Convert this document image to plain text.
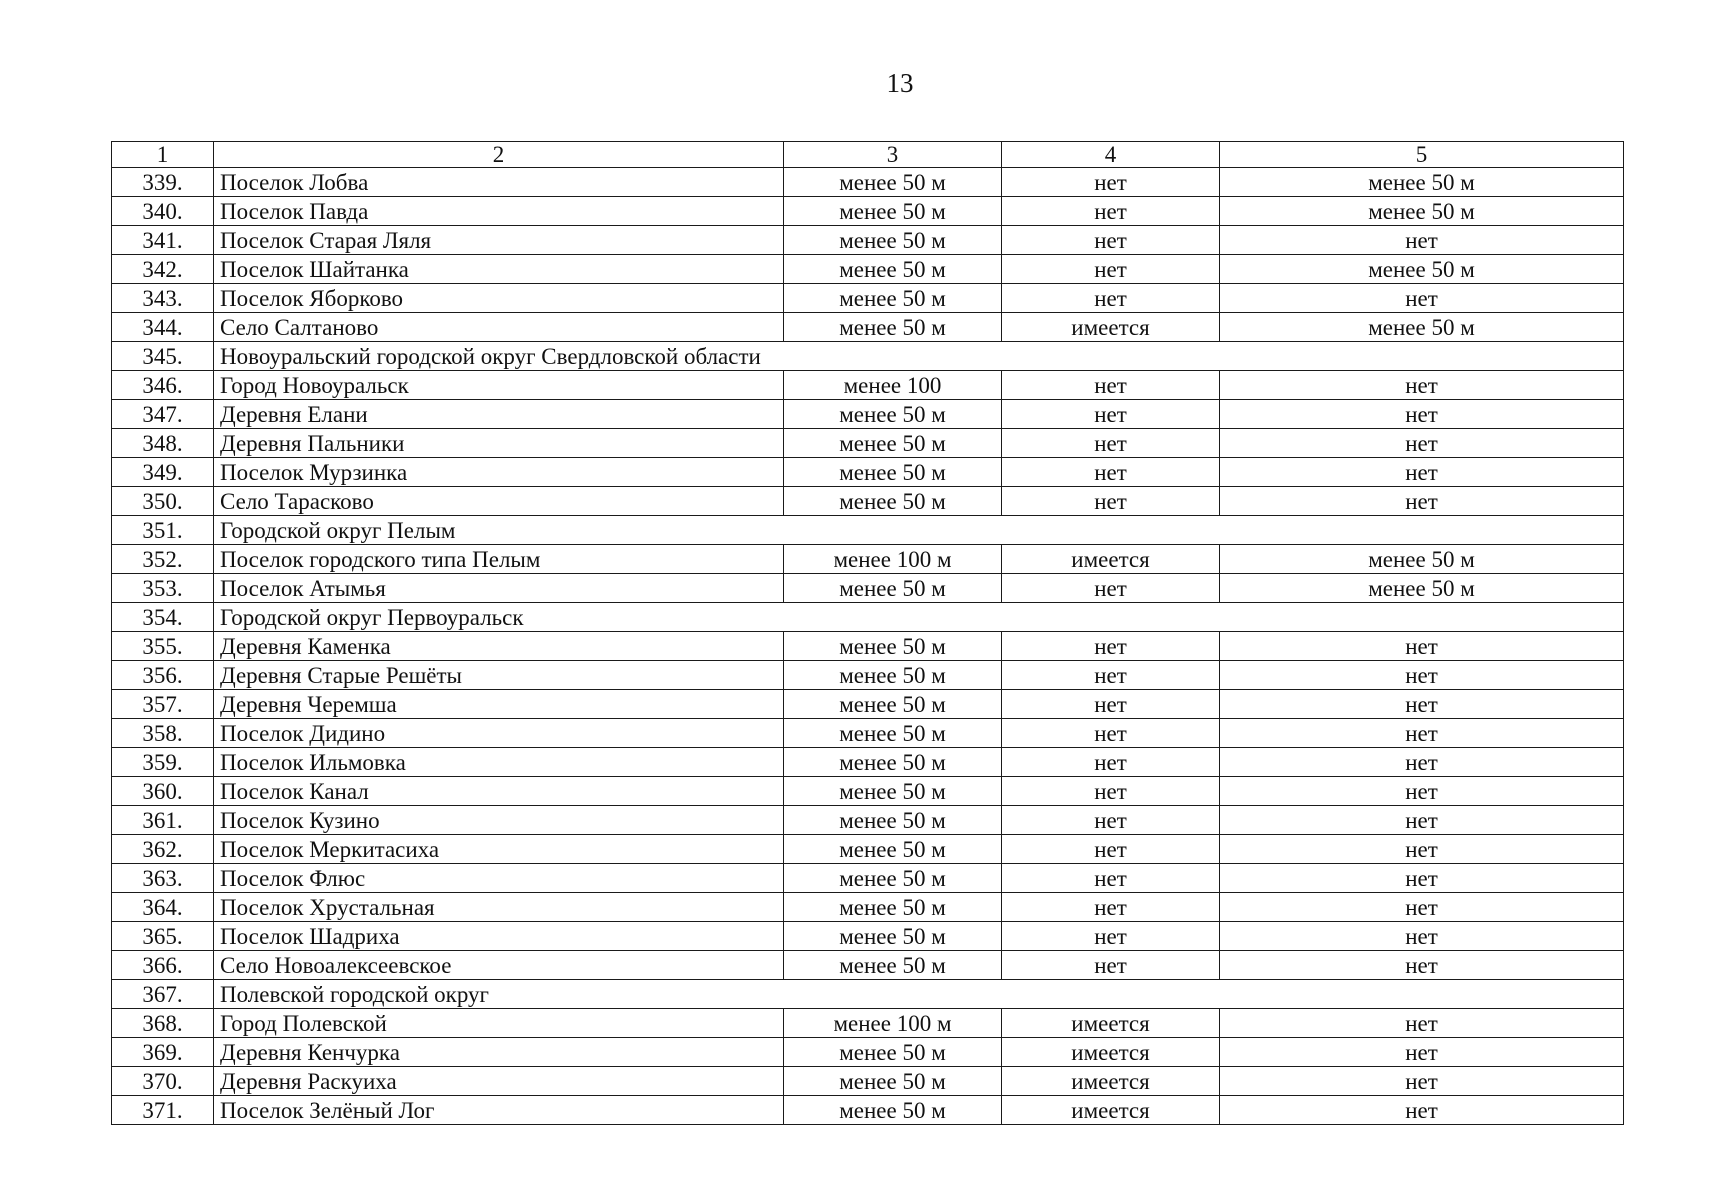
13
1	2	3	4	5
339.	Поселок Лобва	менее 50 м	нет	менее 50 м
340.	Поселок Павда	менее 50 м	нет	менее 50 м
341.	Поселок Старая Ляля	менее 50 м	нет	нет
342.	Поселок Шайтанка	менее 50 м	нет	менее 50 м
343.	Поселок Яборково	менее 50 м	нет	нет
344.	Село Салтаново	менее 50 м	имеется	менее 50 м
345.	Новоуральский городской округ Свердловской области			
346.	Город Новоуральск	менее 100	нет	нет
347.	Деревня Елани	менее 50 м	нет	нет
348.	Деревня Пальники	менее 50 м	нет	нет
349.	Поселок Мурзинка	менее 50 м	нет	нет
350.	Село Тарасково	менее 50 м	нет	нет
351.	Городской округ Пелым			
352.	Поселок городского типа Пелым	менее 100 м	имеется	менее 50 м
353.	Поселок Атымья	менее 50 м	нет	менее 50 м
354.	Городской округ Первоуральск			
355.	Деревня Каменка	менее 50 м	нет	нет
356.	Деревня Старые Решёты	менее 50 м	нет	нет
357.	Деревня Черемша	менее 50 м	нет	нет
358.	Поселок Дидино	менее 50 м	нет	нет
359.	Поселок Ильмовка	менее 50 м	нет	нет
360.	Поселок Канал	менее 50 м	нет	нет
361.	Поселок Кузино	менее 50 м	нет	нет
362.	Поселок Меркитасиха	менее 50 м	нет	нет
363.	Поселок Флюс	менее 50 м	нет	нет
364.	Поселок Хрустальная	менее 50 м	нет	нет
365.	Поселок Шадриха	менее 50 м	нет	нет
366.	Село Новоалексеевское	менее 50 м	нет	нет
367.	Полевской городской округ			
368.	Город Полевской	менее 100 м	имеется	нет
369.	Деревня Кенчурка	менее 50 м	имеется	нет
370.	Деревня Раскуиха	менее 50 м	имеется	нет
371.	Поселок Зелёный Лог	менее 50 м	имеется	нет
